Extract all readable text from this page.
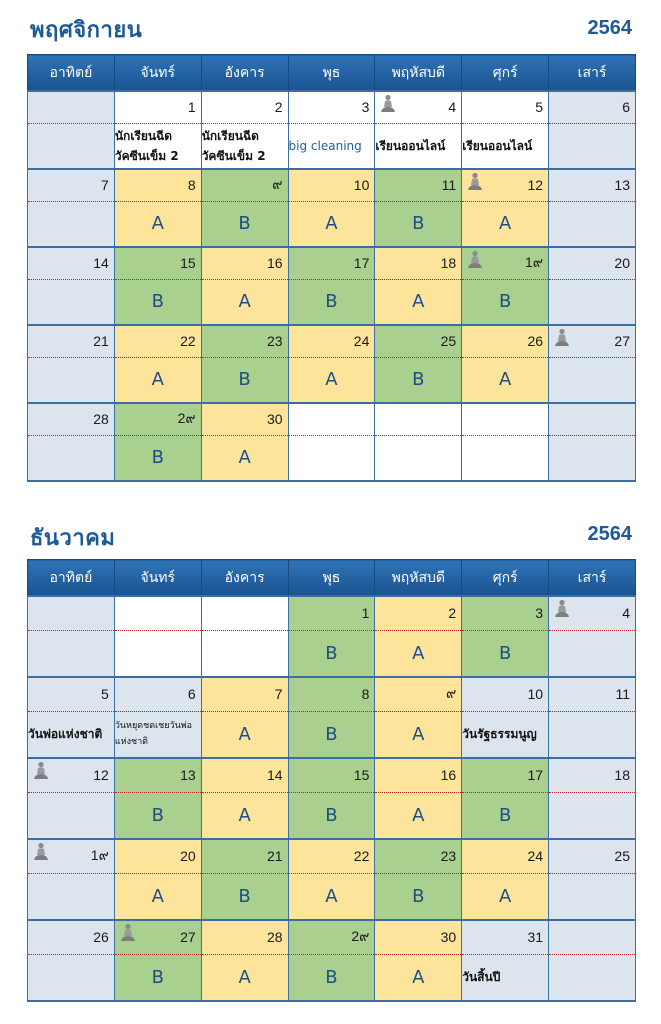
พฤศจิกายน	2564
อาทิตย์	จันทร์	อังคาร	พุธ	พฤหัสบดี	ศุกร์	เสาร์
	1	2	3	4	5	6

	นักเรียนฉีดวัคซีนเข็ม 2	นักเรียนฉีดวัคซีนเข็ม 2	big cleaning	เรียนออนไลน์	เรียนออนไลน์	

7	8	๙	10	11	12	13
	A	B	A	B	A	
14	15	16	17	18	1๙	20
	B	A	B	A	B	
21	22	23	24	25	26	27
	A	B	A	B	A	
28	2๙	30				
	B	A				
ธันวาคม	2564
อาทิตย์	จันทร์	อังคาร	พุธ	พฤหัสบดี	ศุกร์	เสาร์
			1	2	3	4
			B	A	B	
5	6	7	8	๙	10	11

วันพ่อแห่งชาติ	วันหยุดชดเชยวันพ่อแห่งชาติ	A	B	A	วันรัฐธรรมนูญ	

12	13	14	15	16	17	18
	B	A	B	A	B	

1๙	20	21	22	23	24	25
	A	B	A	B	A	
26	27	28	2๙	30	31	
	B	A	B	A	วันสิ้นปี	
